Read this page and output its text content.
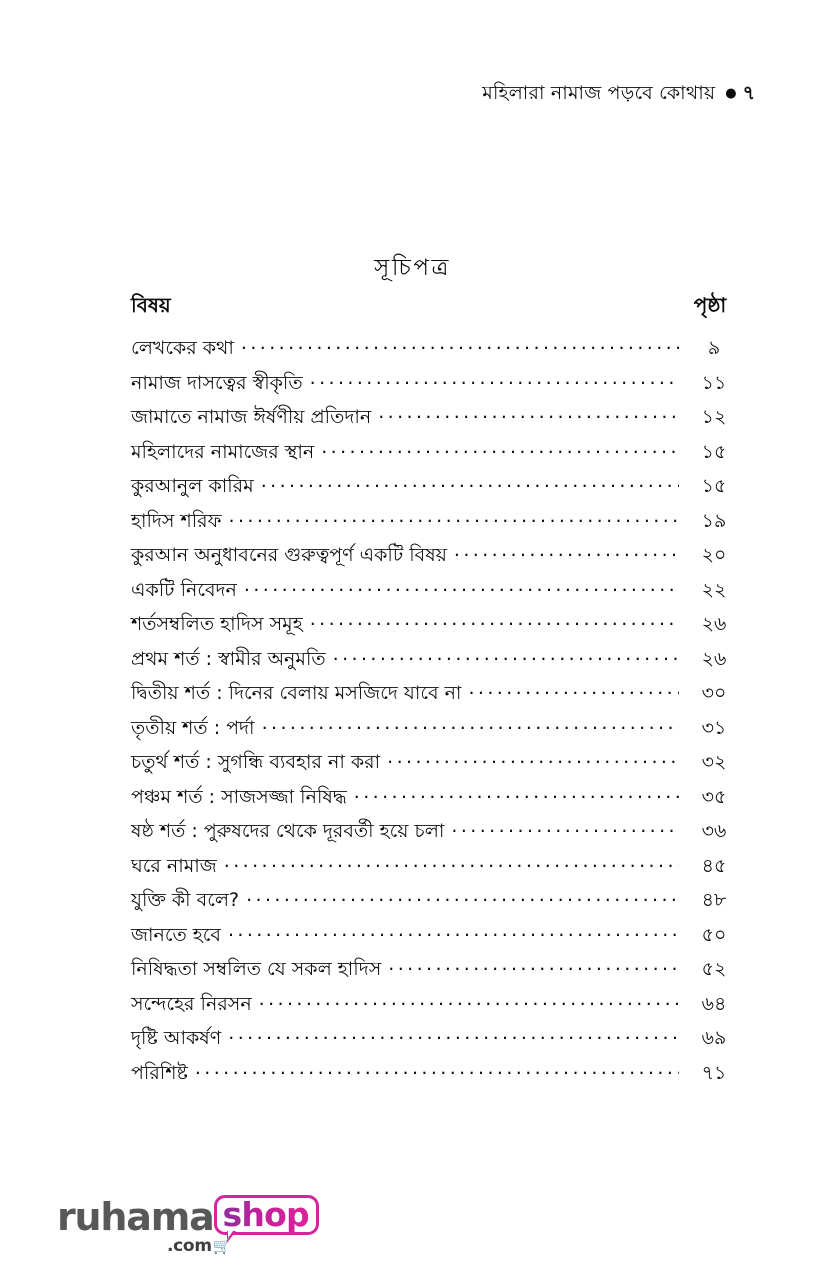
মহিলারা নামাজ পড়বে কোথায় ● ৭
সূচিপত্র
বিষয়	পৃষ্ঠা
লেখকের কথা .....	৯
নামাজ দাসত্বের স্বীকৃতি .....	১১
জামাতে নামাজ ঈর্ষণীয় প্রতিদান .....	১২
মহিলাদের নামাজের স্থান .....	১৫
কুরআনুল কারিম .....	১৫
হাদিস শরিফ .....	১৯
কুরআন অনুধাবনের গুরুত্বপূর্ণ একটি বিষয় .....	২০
একটি নিবেদন .....	২২
শর্তসম্বলিত হাদিস সমূহ .....	২৬
প্রথম শর্ত : স্বামীর অনুমতি .....	২৬
দ্বিতীয় শর্ত : দিনের বেলায় মসজিদে যাবে না .....	৩০
তৃতীয় শর্ত : পর্দা .....	৩১
চতুর্থ শর্ত : সুগন্ধি ব্যবহার না করা .....	৩২
পঞ্চম শর্ত : সাজসজ্জা নিষিদ্ধ .....	৩৫
ষষ্ঠ শর্ত : পুরুষদের থেকে দূরবর্তী হয়ে চলা .....	৩৬
ঘরে নামাজ .....	৪৫
যুক্তি কী বলে? .....	৪৮
জানতে হবে .....	৫০
নিষিদ্ধতা সম্বলিত যে সকল হাদিস .....	৫২
সন্দেহের নিরসন .....	৬৪
দৃষ্টি আকর্ষণ .....	৬৯
পরিশিষ্ট .....	৭১
ruhama shop
.com 🛒
